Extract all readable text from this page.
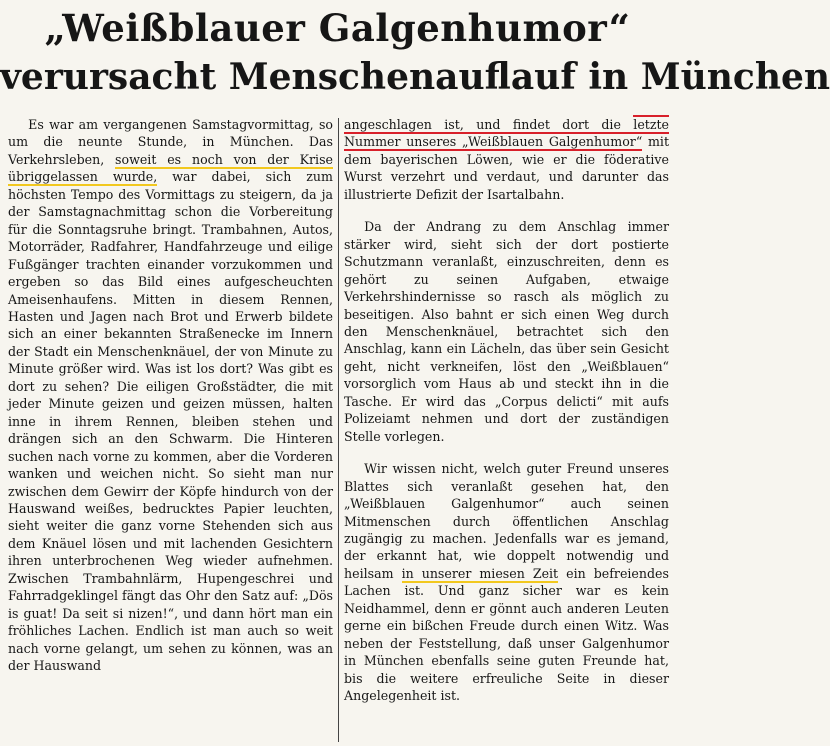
„Weißblauer Galgenhumor“
verursacht Menschenauflauf in München

Es war am vergangenen Samstagvormittag, so um die neunte Stunde, in München. Das Verkehrsleben, soweit es noch von der Krise übriggelassen wurde, war dabei, sich zum höchsten Tempo des Vormittags zu steigern, da ja der Samstagnachmittag schon die Vorbereitung für die Sonntagsruhe bringt. Trambahnen, Autos, Motorräder, Radfahrer, Handfahrzeuge und eilige Fußgänger trachten einander vorzukommen und ergeben so das Bild eines aufgescheuchten Ameisenhaufens. Mitten in diesem Rennen, Hasten und Jagen nach Brot und Erwerb bildete sich an einer bekannten Straßenecke im Innern der Stadt ein Menschenknäuel, der von Minute zu Minute größer wird. Was ist los dort? Was gibt es dort zu sehen? Die eiligen Großstädter, die mit jeder Minute geizen und geizen müssen, halten inne in ihrem Rennen, bleiben stehen und drängen sich an den Schwarm. Die Hinteren suchen nach vorne zu kommen, aber die Vorderen wanken und weichen nicht. So sieht man nur zwischen dem Gewirr der Köpfe hindurch von der Hauswand weißes, bedrucktes Papier leuchten, sieht weiter die ganz vorne Stehenden sich aus dem Knäuel lösen und mit lachenden Gesichtern ihren unterbrochenen Weg wieder aufnehmen. Zwischen Trambahnlärm, Hupengeschrei und Fahrradgeklingel fängt das Ohr den Satz auf: „Dös is guat! Da seit si nizen!“, und dann hört man ein fröhliches Lachen. Endlich ist man auch so weit nach vorne gelangt, um sehen zu können, was an der Hauswand

angeschlagen ist, und findet dort die letzte Nummer unseres „Weißblauen Galgenhumor“ mit dem bayerischen Löwen, wie er die föderative Wurst verzehrt und verdaut, und darunter das illustrierte Defizit der Isartalbahn.

Da der Andrang zu dem Anschlag immer stärker wird, sieht sich der dort postierte Schutzmann veranlaßt, einzuschreiten, denn es gehört zu seinen Aufgaben, etwaige Verkehrshindernisse so rasch als möglich zu beseitigen. Also bahnt er sich einen Weg durch den Menschenknäuel, betrachtet sich den Anschlag, kann ein Lächeln, das über sein Gesicht geht, nicht verkneifen, löst den „Weißblauen“ vorsorglich vom Haus ab und steckt ihn in die Tasche. Er wird das „Corpus delicti“ mit aufs Polizeiamt nehmen und dort der zuständigen Stelle vorlegen.

Wir wissen nicht, welch guter Freund unseres Blattes sich veranlaßt gesehen hat, den „Weißblauen Galgenhumor“ auch seinen Mitmenschen durch öffentlichen Anschlag zugängig zu machen. Jedenfalls war es jemand, der erkannt hat, wie doppelt notwendig und heilsam in unserer miesen Zeit ein befreiendes Lachen ist. Und ganz sicher war es kein Neidhammel, denn er gönnt auch anderen Leuten gerne ein bißchen Freude durch einen Witz. Was neben der Feststellung, daß unser Galgenhumor in München ebenfalls seine guten Freunde hat, bis die weitere erfreuliche Seite in dieser Angelegenheit ist.
